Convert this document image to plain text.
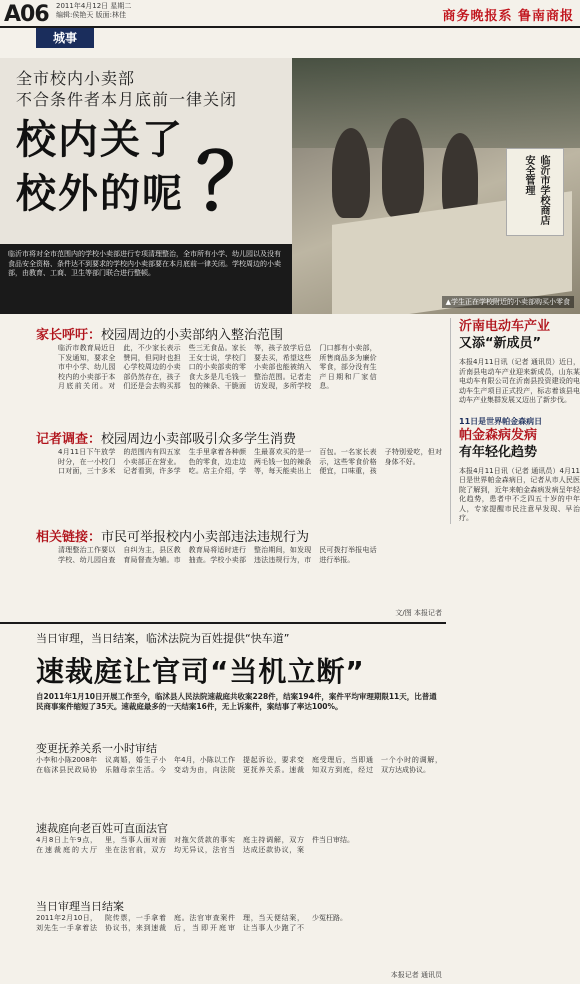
A06 2011年4月12日 星期二
编辑:侯艳天 版面:林佳	商务晚报系 鲁南商报
城事
全市校内小卖部
不合条件者本月底前一律关闭
校内关了
校外的呢 ？	临沂市学校商店安全管理
▲学生正在学校附近的小卖部购买小零食
临沂市将对全市范围内的学校小卖部进行专项清理整治，全市所有小学、幼儿园以及没有食品安全资格、条件达不到要求的学校内小卖部要在本月底前一律关闭。学校周边的小卖部，由教育、工商、卫生等部门联合进行整顿。
家长呼吁：校园周边的小卖部纳入整治范围
临沂市教育局近日下发通知，要求全市中小学、幼儿园校内的小卖部于本月底前关闭。对此，不少家长表示赞同，但同时也担心学校周边的小卖部仍然存在，孩子们还是会去购买那些三无食品。家长王女士说，学校门口的小卖部卖的零食大多是几毛钱一包的辣条、干脆面等，孩子放学后总要去买，希望这些小卖部也能被纳入整治范围。记者走访发现，多所学校门口都有小卖部，所售商品多为廉价零食，部分没有生产日期和厂家信息。
记者调查：校园周边小卖部吸引众多学生消费
4月11日下午放学时分，在一小校门口对面，三十多米的范围内有四五家小卖部正在营业。记者看到，许多学生手里拿着各种颜色的零食，边走边吃。店主介绍，学生最喜欢买的是一两毛钱一包的辣条等，每天能卖出上百包。一名家长表示，这些零食价格便宜，口味重，孩子特别爱吃，但对身体不好。
相关链接：市民可举报校内小卖部违法违规行为
清理整治工作要以学校、幼儿园自查自纠为主，县区教育局督查为辅。市教育局将适时进行抽查。学校小卖部整治期间，如发现违法违规行为，市民可拨打举报电话进行举报。
文/图 本报记者
沂南电动车产业
又添“新成员”
本报4月11日讯（记者 通讯员）近日，沂南县电动车产业迎来新成员，山东某电动车有限公司在沂南县投资建设的电动车生产项目正式投产，标志着该县电动车产业集群发展又迈出了新步伐。
11日是世界帕金森病日
帕金森病发病
有年轻化趋势
本报4月11日讯（记者 通讯员）4月11日是世界帕金森病日，记者从市人民医院了解到，近年来帕金森病发病呈年轻化趋势，患者中不乏四五十岁的中年人，专家提醒市民注意早发现、早治疗。
当日审理，当日结案，临沭法院为百姓提供“快车道”
速裁庭让官司“当机立断”
自2011年1月10日开展工作至今，临沭县人民法院速裁庭共收案228件，结案194件，案件平均审理期限11天，比普通民商事案件缩短了35天。速裁庭最多的一天结案16件，无上诉案件，案结事了率达100%。
变更抚养关系一小时审结
小李和小陈2008年在临沭县民政局协议离婚，婚生子小乐随母亲生活。今年4月，小陈以工作变动为由，向法院提起诉讼，要求变更抚养关系。速裁庭受理后，当即通知双方到庭，经过一个小时的调解，双方达成协议。
速裁庭向老百姓可直面法官
4月8日上午9点，在速裁庭的大厅里，当事人面对面坐在法官前，双方对拖欠货款的事实均无异议，法官当庭主持调解，双方达成还款协议，案件当日审结。
当日审理当日结案
2011年2月10日，刘先生一手拿着法院传票，一手拿着协议书，来到速裁庭。法官审查案件后，当即开庭审理，当天便结案，让当事人少跑了不少冤枉路。
本报记者 通讯员
